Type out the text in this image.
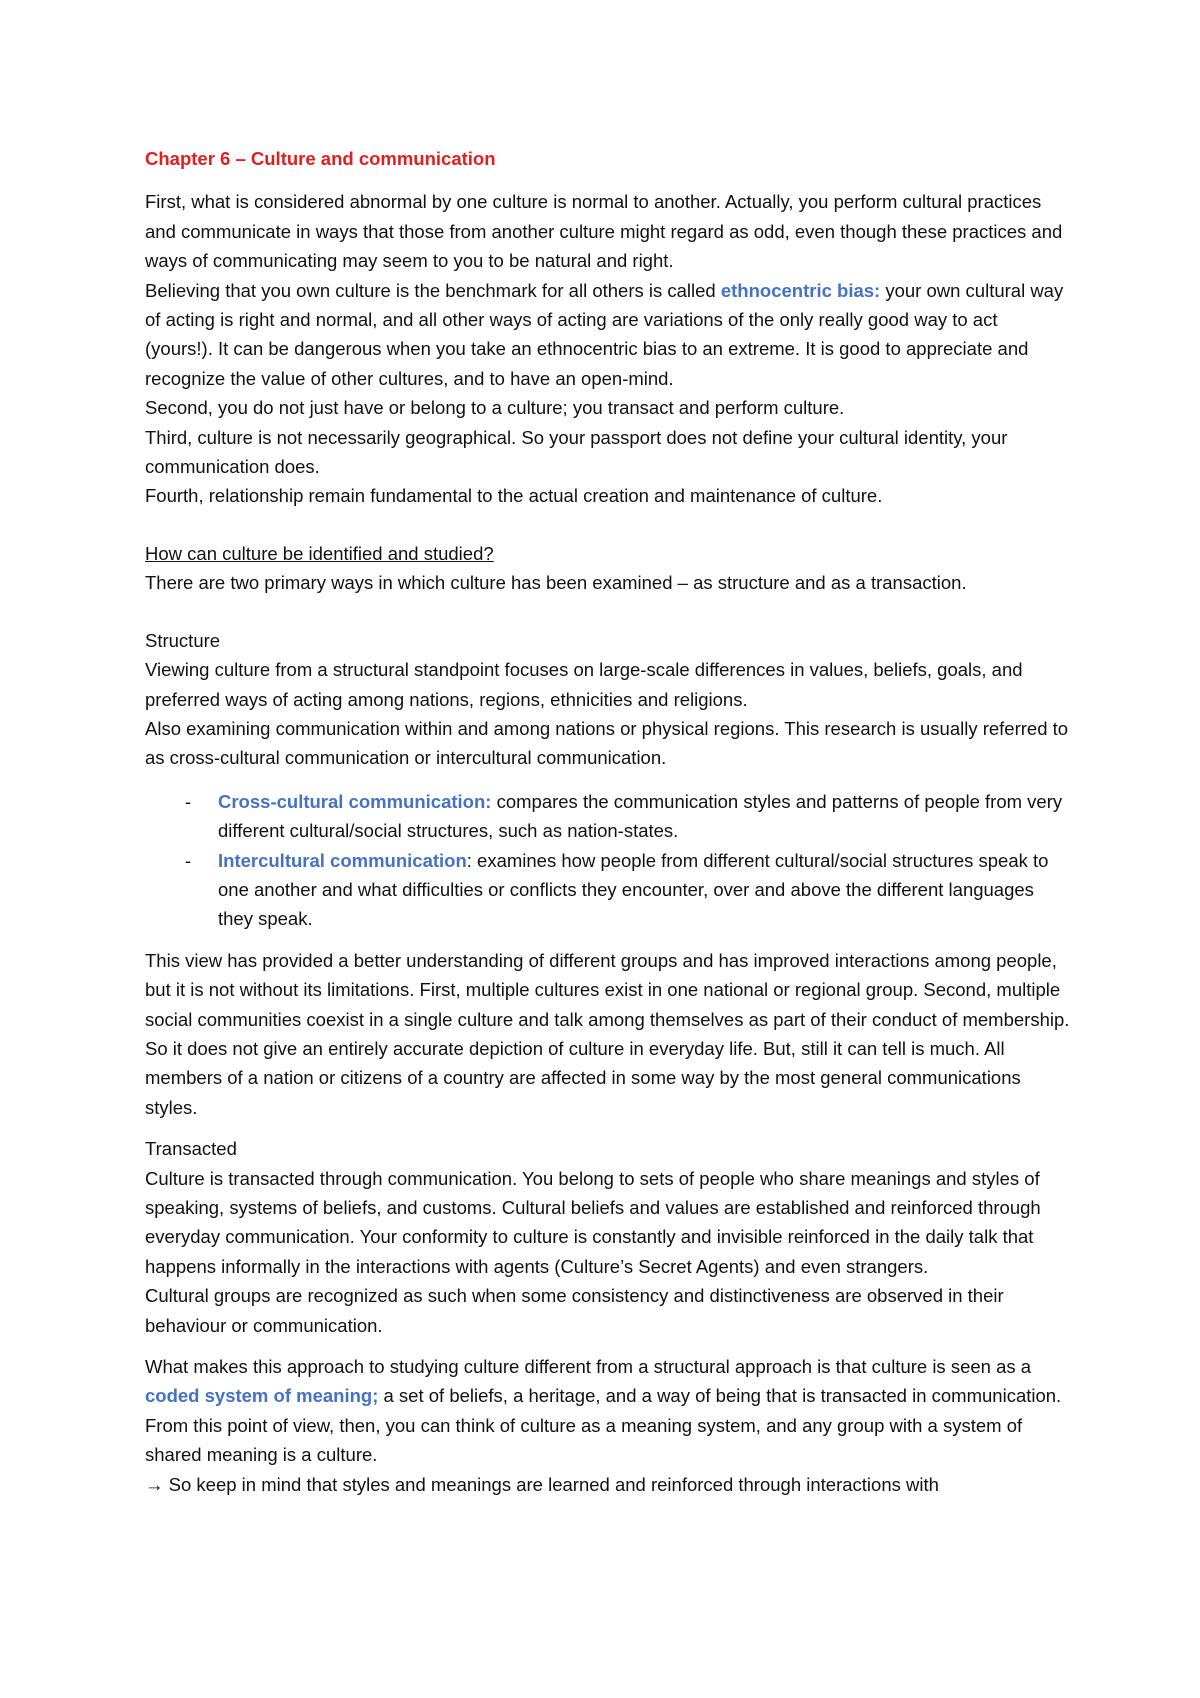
Chapter 6 – Culture and communication

First, what is considered abnormal by one culture is normal to another. Actually, you perform cultural practices and communicate in ways that those from another culture might regard as odd, even though these practices and ways of communicating may seem to you to be natural and right.

Believing that you own culture is the benchmark for all others is called ethnocentric bias: your own cultural way of acting is right and normal, and all other ways of acting are variations of the only really good way to act (yours!). It can be dangerous when you take an ethnocentric bias to an extreme. It is good to appreciate and recognize the value of other cultures, and to have an open-mind.

Second, you do not just have or belong to a culture; you transact and perform culture.

Third, culture is not necessarily geographical. So your passport does not define your cultural identity, your communication does.

Fourth, relationship remain fundamental to the actual creation and maintenance of culture.

How can culture be identified and studied?

There are two primary ways in which culture has been examined – as structure and as a transaction.

Structure

Viewing culture from a structural standpoint focuses on large-scale differences in values, beliefs, goals, and preferred ways of acting among nations, regions, ethnicities and religions.

Also examining communication within and among nations or physical regions. This research is usually referred to as cross-cultural communication or intercultural communication.

- Cross-cultural communication: compares the communication styles and patterns of people from very different cultural/social structures, such as nation-states.
- Intercultural communication: examines how people from different cultural/social structures speak to one another and what difficulties or conflicts they encounter, over and above the different languages they speak.

This view has provided a better understanding of different groups and has improved interactions among people, but it is not without its limitations. First, multiple cultures exist in one national or regional group. Second, multiple social communities coexist in a single culture and talk among themselves as part of their conduct of membership. So it does not give an entirely accurate depiction of culture in everyday life. But, still it can tell is much. All members of a nation or citizens of a country are affected in some way by the most general communications styles.

Transacted

Culture is transacted through communication. You belong to sets of people who share meanings and styles of speaking, systems of beliefs, and customs. Cultural beliefs and values are established and reinforced through everyday communication. Your conformity to culture is constantly and invisible reinforced in the daily talk that happens informally in the interactions with agents (Culture’s Secret Agents) and even strangers.

Cultural groups are recognized as such when some consistency and distinctiveness are observed in their behaviour or communication.

What makes this approach to studying culture different from a structural approach is that culture is seen as a coded system of meaning; a set of beliefs, a heritage, and a way of being that is transacted in communication. From this point of view, then, you can think of culture as a meaning system, and any group with a system of shared meaning is a culture.

→ So keep in mind that styles and meanings are learned and reinforced through interactions with
